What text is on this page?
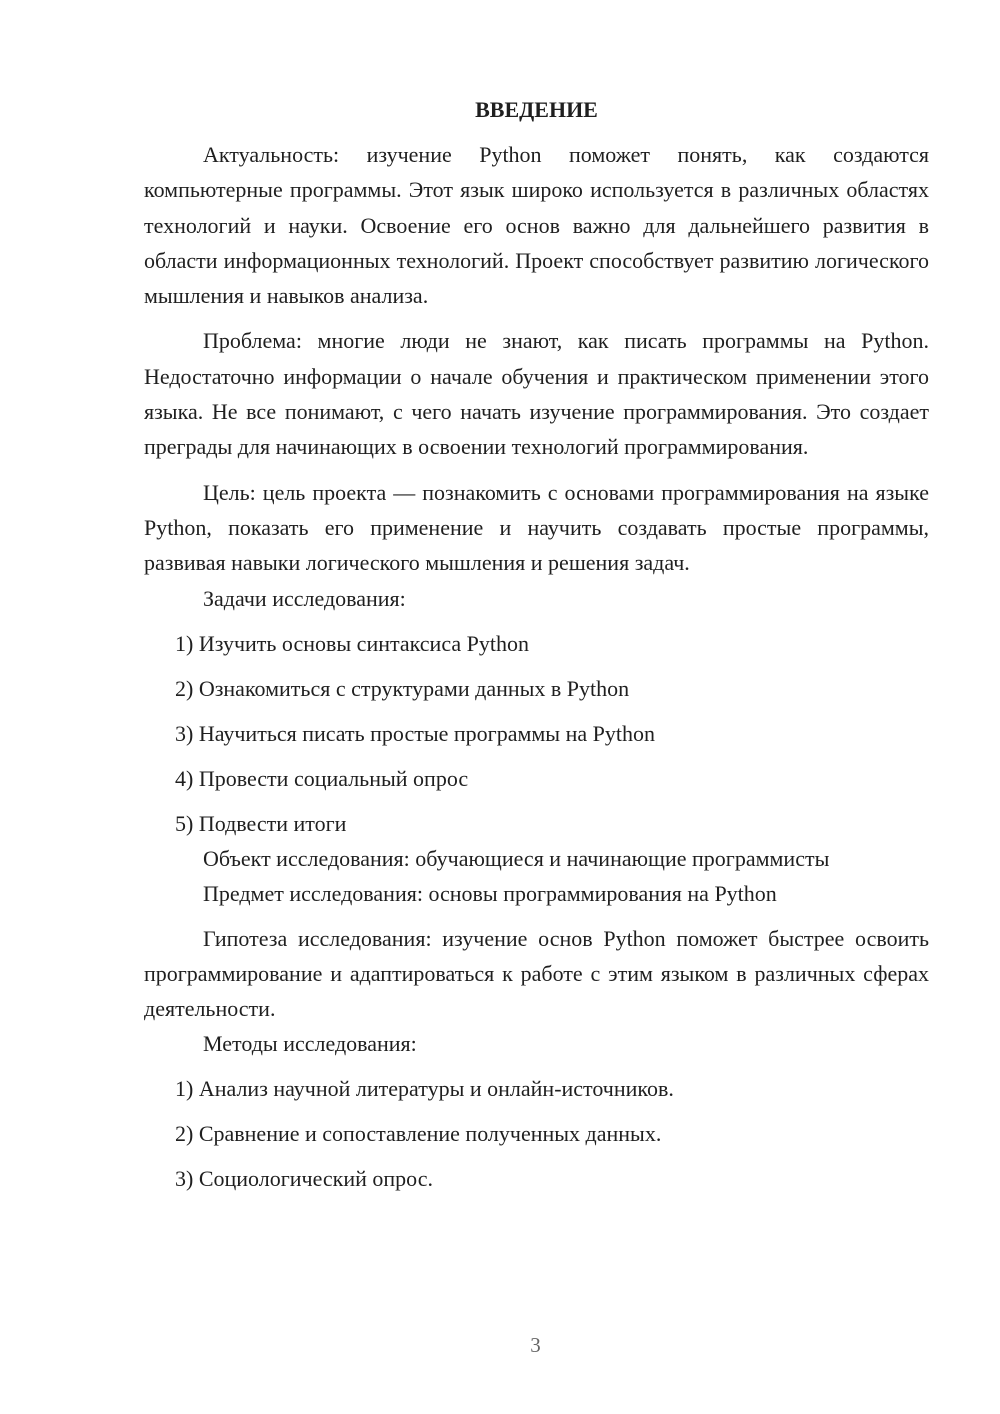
ВВЕДЕНИЕ

Актуальность: изучение Python поможет понять, как создаются компьютерные программы. Этот язык широко используется в различных областях технологий и науки. Освоение его основ важно для дальнейшего развития в области информационных технологий. Проект способствует развитию логического мышления и навыков анализа.

Проблема: многие люди не знают, как писать программы на Python. Недостаточно информации о начале обучения и практическом применении этого языка. Не все понимают, с чего начать изучение программирования. Это создает преграды для начинающих в освоении технологий программирования.

Цель: цель проекта — познакомить с основами программирования на языке Python, показать его применение и научить создавать простые программы, развивая навыки логического мышления и решения задач.

Задачи исследования:

1) Изучить основы синтаксиса Python

2) Ознакомиться с структурами данных в Python

3) Научиться писать простые программы на Python

4) Провести социальный опрос

5) Подвести итоги

Объект исследования: обучающиеся и начинающие программисты

Предмет исследования: основы программирования на Python

Гипотеза исследования: изучение основ Python поможет быстрее освоить программирование и адаптироваться к работе с этим языком в различных сферах деятельности.

Методы исследования:

1) Анализ научной литературы и онлайн-источников.

2) Сравнение и сопоставление полученных данных.

3) Социологический опрос.

3
